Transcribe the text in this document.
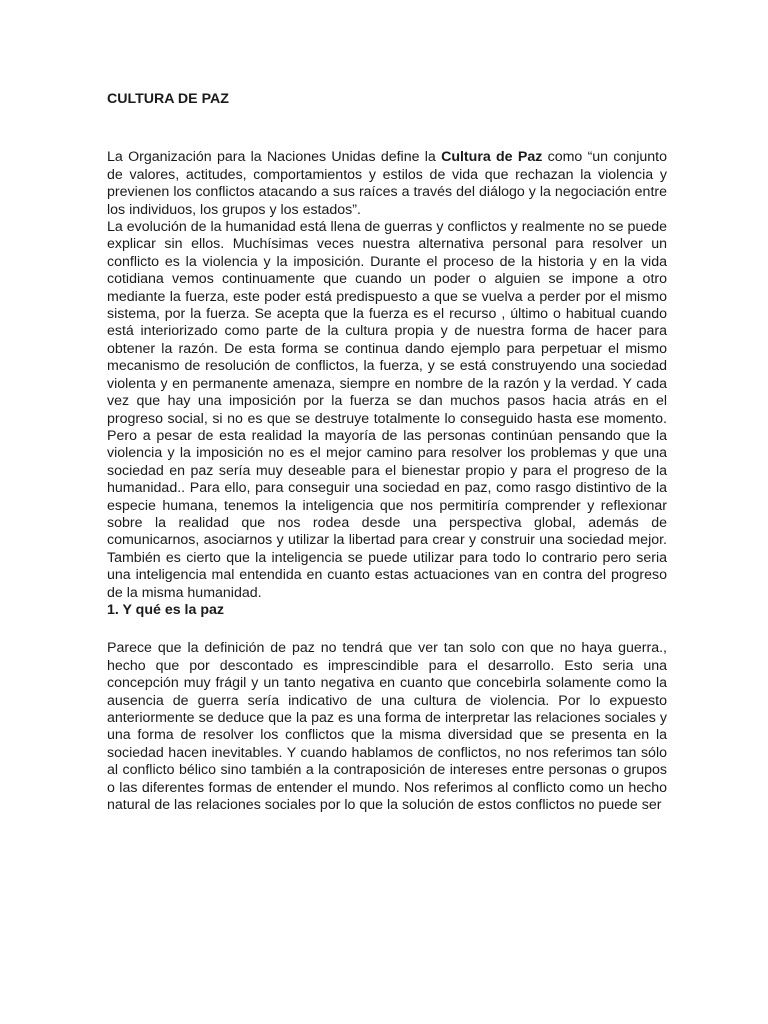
CULTURA DE PAZ

La Organización para la Naciones Unidas define la Cultura de Paz como “un conjunto de valores, actitudes, comportamientos y estilos de vida que rechazan la violencia y previenen los conflictos atacando a sus raíces a través del diálogo y la negociación entre los individuos, los grupos y los estados”.

La evolución de la humanidad está llena de guerras y conflictos y realmente no se puede explicar sin ellos. Muchísimas veces nuestra alternativa personal para resolver un conflicto es la violencia y la imposición. Durante el proceso de la historia y en la vida cotidiana vemos continuamente que cuando un poder o alguien se impone a otro mediante la fuerza, este poder está predispuesto a que se vuelva a perder por el mismo sistema, por la fuerza. Se acepta que la fuerza es el recurso , último o habitual cuando está interiorizado como parte de la cultura propia y de nuestra forma de hacer para obtener la razón. De esta forma se continua dando ejemplo para perpetuar el mismo mecanismo de resolución de conflictos, la fuerza, y se está construyendo una sociedad violenta y en permanente amenaza, siempre en nombre de la razón y la verdad. Y cada vez que hay una imposición por la fuerza se dan muchos pasos hacia atrás en el progreso social, si no es que se destruye totalmente lo conseguido hasta ese momento. Pero a pesar de esta realidad la mayoría de las personas continúan pensando que la violencia y la imposición no es el mejor camino para resolver los problemas y que una sociedad en paz sería muy deseable para el bienestar propio y para el progreso de la humanidad.. Para ello, para conseguir una sociedad en paz, como rasgo distintivo de la especie humana, tenemos la inteligencia que nos permitiría comprender y reflexionar sobre la realidad que nos rodea desde una perspectiva global, además de comunicarnos, asociarnos y utilizar la libertad para crear y construir una sociedad mejor. También es cierto que la inteligencia se puede utilizar para todo lo contrario pero seria una inteligencia mal entendida en cuanto estas actuaciones van en contra del progreso de la misma humanidad.

1. Y qué es la paz

Parece que la definición de paz no tendrá que ver tan solo con que no haya guerra., hecho que por descontado es imprescindible para el desarrollo. Esto seria una concepción muy frágil y un tanto negativa en cuanto que concebirla solamente como la ausencia de guerra sería indicativo de una cultura de violencia. Por lo expuesto anteriormente se deduce que la paz es una forma de interpretar las relaciones sociales y una forma de resolver los conflictos que la misma diversidad que se presenta en la sociedad hacen inevitables. Y cuando hablamos de conflictos, no nos referimos tan sólo al conflicto bélico sino también a la contraposición de intereses entre personas o grupos o las diferentes formas de entender el mundo. Nos referimos al conflicto como un hecho natural de las relaciones sociales por lo que la solución de estos conflictos no puede ser
